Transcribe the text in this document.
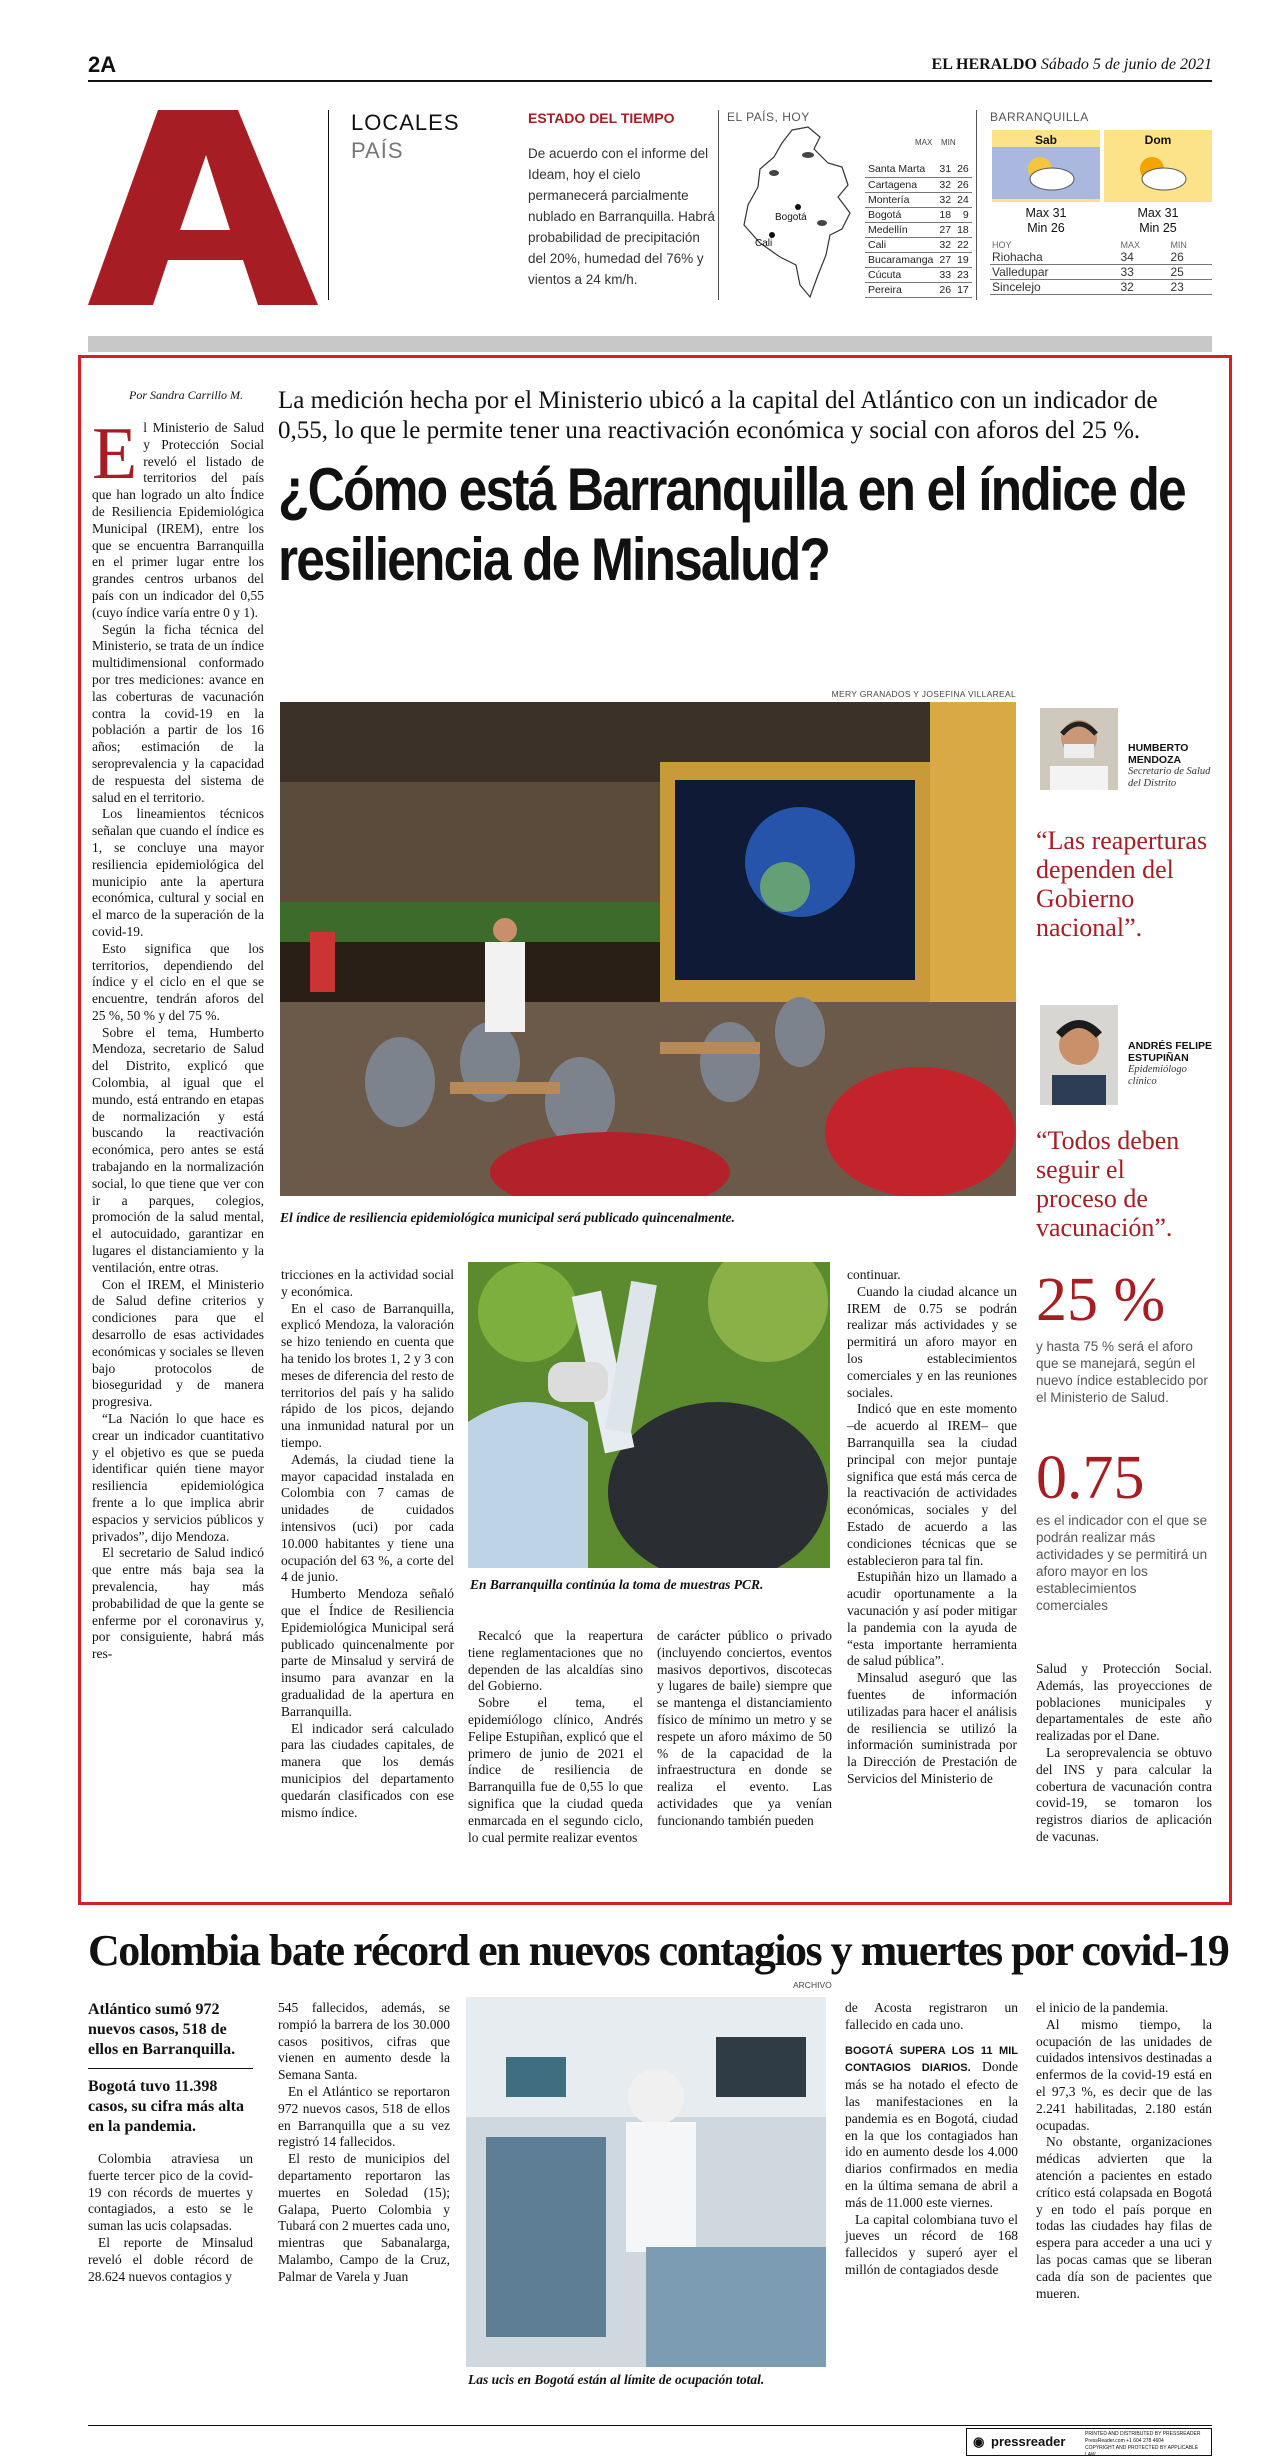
2A	EL HERALDO Sábado 5 de junio de 2021
LOCALES
PAÍS
ESTADO DEL TIEMPO
De acuerdo con el informe del Ideam, hoy el cielo permanecerá parcialmente nublado en Barranquilla. Habrá probabilidad de precipitación del 20%, humedad del 76% y vientos a 24 km/h.
EL PAÍS, HOY
Bogotá
Cali
MAX MIN
Santa Marta	31	26
Cartagena	32	26
Montería	32	24
Bogotá	18	9
Medellín	27	18
Cali	32	22
Bucaramanga	27	19
Cúcuta	33	23
Pereira	26	17
BARRANQUILLA
Sab	Dom
Max 31
Min 26
Max 31
Min 25
HOY	MAX	MIN
Riohacha	34	26
Valledupar	33	25
Sincelejo	32	23
Por Sandra Carrillo M.	La medición hecha por el Ministerio ubicó a la capital del Atlántico con un indicador de 0,55, lo que le permite tener una reactivación económica y social con aforos del 25 %.
¿Cómo está Barranquilla en el índice de resiliencia de Minsalud?
E l Ministerio de Salud y Protección Social reveló el listado de territorios del país que han logrado un alto Índice de Resiliencia Epidemiológica Municipal (IREM), entre los que se encuentra Barranquilla en el primer lugar entre los grandes centros urbanos del país con un indicador del 0,55 (cuyo índice varía entre 0 y 1).

Según la ficha técnica del Ministerio, se trata de un índice multidimensional conformado por tres mediciones: avance en las coberturas de vacunación contra la covid-19 en la población a partir de los 16 años; estimación de la seroprevalencia y la capacidad de respuesta del sistema de salud en el territorio.

Los lineamientos técnicos señalan que cuando el índice es 1, se concluye una mayor resiliencia epidemiológica del municipio ante la apertura económica, cultural y social en el marco de la superación de la covid-19.

Esto significa que los territorios, dependiendo del índice y el ciclo en el que se encuentre, tendrán aforos del 25 %, 50 % y del 75 %.

Sobre el tema, Humberto Mendoza, secretario de Salud del Distrito, explicó que Colombia, al igual que el mundo, está entrando en etapas de normalización y está buscando la reactivación económica, pero antes se está trabajando en la normalización social, lo que tiene que ver con ir a parques, colegios, promoción de la salud mental, el autocuidado, garantizar en lugares el distanciamiento y la ventilación, entre otras.

Con el IREM, el Ministerio de Salud define criterios y condiciones para que el desarrollo de esas actividades económicas y sociales se lleven bajo protocolos de bioseguridad y de manera progresiva.

“La Nación lo que hace es crear un indicador cuantitativo y el objetivo es que se pueda identificar quién tiene mayor resiliencia epidemiológica frente a lo que implica abrir espacios y servicios públicos y privados”, dijo Mendoza.

El secretario de Salud indicó que entre más baja sea la prevalencia, hay más probabilidad de que la gente se enferme por el coronavirus y, por consiguiente, habrá más res-

MERY GRANADOS Y JOSEFINA VILLAREAL
El índice de resiliencia epidemiológica municipal será publicado quincenalmente.
HUMBERTO MENDOZA
Secretario de Salud del Distrito
“Las reaperturas dependen del Gobierno nacional”.
ANDRÉS FELIPE ESTUPIÑAN
Epidemiólogo clínico
“Todos deben seguir el proceso de vacunación”.
25 %
y hasta 75 % será el aforo que se manejará, según el nuevo índice establecido por el Ministerio de Salud.
0.75
es el indicador con el que se podrán realizar más actividades y se permitirá un aforo mayor en los establecimientos comerciales
tricciones en la actividad social y económica.

En el caso de Barranquilla, explicó Mendoza, la valoración se hizo teniendo en cuenta que ha tenido los brotes 1, 2 y 3 con meses de diferencia del resto de territorios del país y ha salido rápido de los picos, dejando una inmunidad natural por un tiempo.

Además, la ciudad tiene la mayor capacidad instalada en Colombia con 7 camas de unidades de cuidados intensivos (uci) por cada 10.000 habitantes y tiene una ocupación del 63 %, a corte del 4 de junio.

Humberto Mendoza señaló que el Índice de Resiliencia Epidemiológica Municipal será publicado quincenalmente por parte de Minsalud y servirá de insumo para avanzar en la gradualidad de la apertura en Barranquilla.

El indicador será calculado para las ciudades capitales, de manera que los demás municipios del departamento quedarán clasificados con ese mismo índice.

En Barranquilla continúa la toma de muestras PCR.

Recalcó que la reapertura tiene reglamentaciones que no dependen de las alcaldías sino del Gobierno.

Sobre el tema, el epidemiólogo clínico, Andrés Felipe Estupiñan, explicó que el primero de junio de 2021 el índice de resiliencia de Barranquilla fue de 0,55 lo que significa que la ciudad queda enmarcada en el segundo ciclo, lo cual permite realizar eventos

de carácter público o privado (incluyendo conciertos, eventos masivos deportivos, discotecas y lugares de baile) siempre que se mantenga el distanciamiento físico de mínimo un metro y se respete un aforo máximo de 50 % de la capacidad de la infraestructura en donde se realiza el evento. Las actividades que ya venían funcionando también pueden
continuar.

Cuando la ciudad alcance un IREM de 0.75 se podrán realizar más actividades y se permitirá un aforo mayor en los establecimientos comerciales y en las reuniones sociales.

Indicó que en este momento –de acuerdo al IREM– que Barranquilla sea la ciudad principal con mejor puntaje significa que está más cerca de la reactivación de actividades económicas, sociales y del Estado de acuerdo a las condiciones técnicas que se establecieron para tal fin.

Estupiñán hizo un llamado a acudir oportunamente a la vacunación y así poder mitigar la pandemia con la ayuda de “esta importante herramienta de salud pública”.

Minsalud aseguró que las fuentes de información utilizadas para hacer el análisis de resiliencia se utilizó la información suministrada por la Dirección de Prestación de Servicios del Ministerio de

Salud y Protección Social. Además, las proyecciones de poblaciones municipales y departamentales de este año realizadas por el Dane.

La seroprevalencia se obtuvo del INS y para calcular la cobertura de vacunación contra covid-19, se tomaron los registros diarios de aplicación de vacunas.

Colombia bate récord en nuevos contagios y muertes por covid-19
ARCHIVO
Atlántico sumó 972 nuevos casos, 518 de ellos en Barranquilla.
Bogotá tuvo 11.398 casos, su cifra más alta en la pandemia.

Colombia atraviesa un fuerte tercer pico de la covid-19 con récords de muertes y contagiados, a esto se le suman las ucis colapsadas.

El reporte de Minsalud reveló el doble récord de 28.624 nuevos contagios y

545 fallecidos, además, se rompió la barrera de los 30.000 casos positivos, cifras que vienen en aumento desde la Semana Santa.

En el Atlántico se reportaron 972 nuevos casos, 518 de ellos en Barranquilla que a su vez registró 14 fallecidos.

El resto de municipios del departamento reportaron las muertes en Soledad (15); Galapa, Puerto Colombia y Tubará con 2 muertes cada uno, mientras que Sabanalarga, Malambo, Campo de la Cruz, Palmar de Varela y Juan

Las ucis en Bogotá están al límite de ocupación total.
de Acosta registraron un fallecido en cada uno.

BOGOTÁ SUPERA LOS 11 MIL CONTAGIOS DIARIOS. Donde más se ha notado el efecto de las manifestaciones en la pandemia es en Bogotá, ciudad en la que los contagiados han ido en aumento desde los 4.000 diarios confirmados en media en la última semana de abril a más de 11.000 este viernes.

La capital colombiana tuvo el jueves un récord de 168 fallecidos y superó ayer el millón de contagiados desde

el inicio de la pandemia.

Al mismo tiempo, la ocupación de las unidades de cuidados intensivos destinadas a enfermos de la covid-19 está en el 97,3 %, es decir que de las 2.241 habilitadas, 2.180 están ocupadas.

No obstante, organizaciones médicas advierten que la atención a pacientes en estado crítico está colapsada en Bogotá y en todo el país porque en todas las ciudades hay filas de espera para acceder a una uci y las pocas camas que se liberan cada día son de pacientes que mueren.

◉ pressreader	PRINTED AND DISTRIBUTED BY PRESSREADER
PressReader.com +1 604 278 4604
COPYRIGHT AND PROTECTED BY APPLICABLE LAW
